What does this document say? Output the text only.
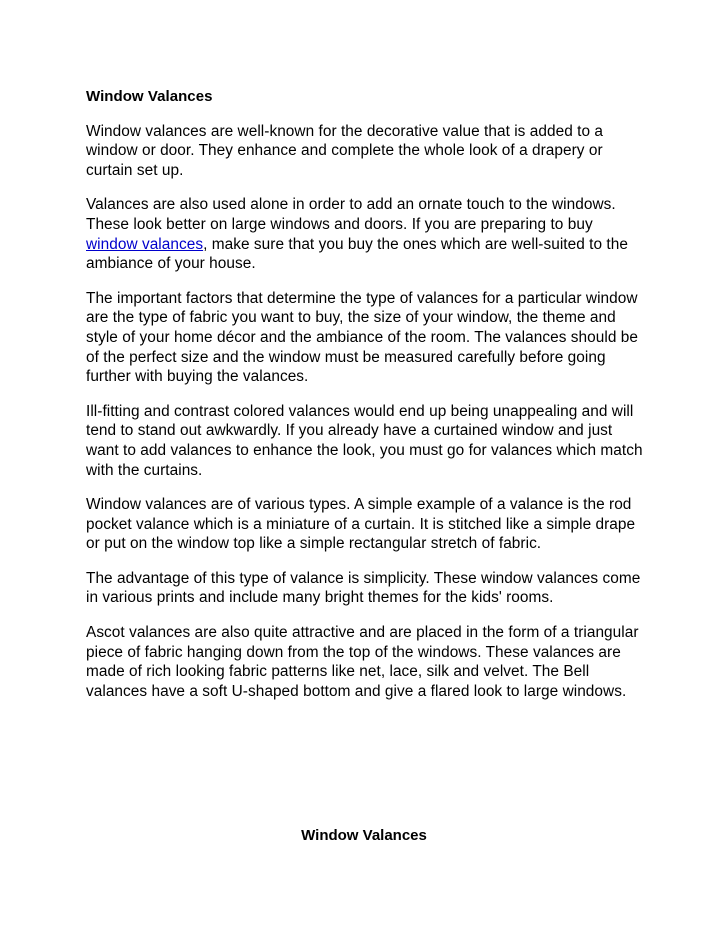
Window Valances
Window valances are well-known for the decorative value that is added to a window or door. They enhance and complete the whole look of a drapery or curtain set up.
Valances are also used alone in order to add an ornate touch to the windows. These look better on large windows and doors. If you are preparing to buy window valances, make sure that you buy the ones which are well-suited to the ambiance of your house.
The important factors that determine the type of valances for a particular window are the type of fabric you want to buy, the size of your window, the theme and style of your home décor and the ambiance of the room. The valances should be of the perfect size and the window must be measured carefully before going further with buying the valances.
Ill-fitting and contrast colored valances would end up being unappealing and will tend to stand out awkwardly. If you already have a curtained window and just want to add valances to enhance the look, you must go for valances which match with the curtains.
Window valances are of various types. A simple example of a valance is the rod pocket valance which is a miniature of a curtain. It is stitched like a simple drape or put on the window top like a simple rectangular stretch of fabric.
The advantage of this type of valance is simplicity. These window valances come in various prints and include many bright themes for the kids' rooms.
Ascot valances are also quite attractive and are placed in the form of a triangular piece of fabric hanging down from the top of the windows. These valances are made of rich looking fabric patterns like net, lace, silk and velvet. The Bell valances have a soft U-shaped bottom and give a flared look to large windows.
Window Valances
